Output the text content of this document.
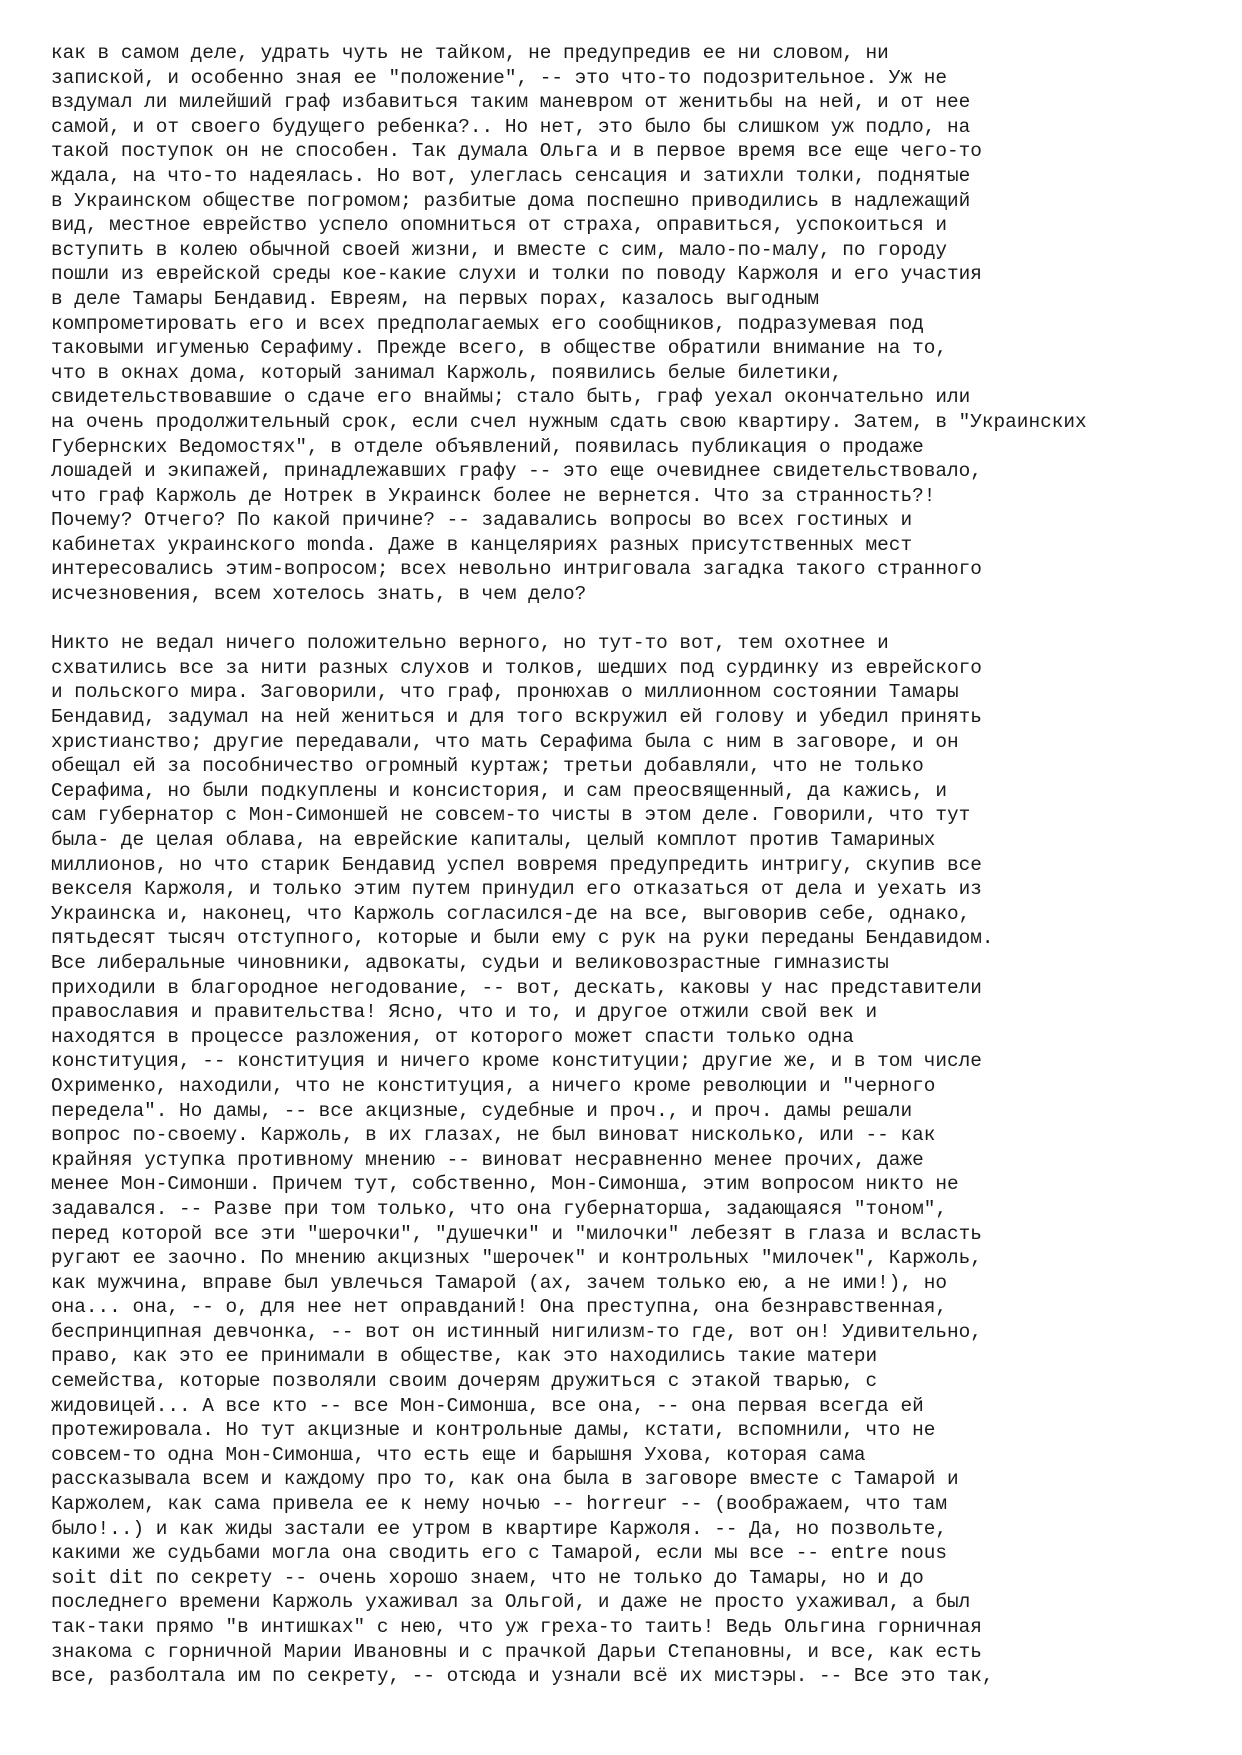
как в самом деле, удрать чуть не тайком, не предупредив ее ни словом, ни
запиской, и особенно зная ее "положение", -- это что-то подозрительное. Уж не
вздумал ли милейший граф избавиться таким маневром от женитьбы на ней, и от нее
самой, и от своего будущего ребенка?.. Но нет, это было бы слишком уж подло, на
такой поступок он не способен. Так думала Ольга и в первое время все еще чего-то
ждала, на что-то надеялась. Но вот, улеглась сенсация и затихли толки, поднятые
в Украинском обществе погромом; разбитые дома поспешно приводились в надлежащий
вид, местное еврейство успело опомниться от страха, оправиться, успокоиться и
вступить в колею обычной своей жизни, и вместе с сим, мало-по-малу, по городу
пошли из еврейской среды кое-какие слухи и толки по поводу Каржоля и его участия
в деле Тамары Бендавид. Евреям, на первых порах, казалось выгодным
компрометировать его и всех предполагаемых его сообщников, подразумевая под
таковыми игуменью Серафиму. Прежде всего, в обществе обратили внимание на то,
что в окнах дома, который занимал Каржоль, появились белые билетики,
свидетельствовавшие о сдаче его внаймы; стало быть, граф уехал окончательно или
на очень продолжительный срок, если счел нужным сдать свою квартиру. Затем, в "Украинских
Губернских Ведомостях", в отделе объявлений, появилась публикация о продаже
лошадей и экипажей, принадлежавших графу -- это еще очевиднее свидетельствовало,
что граф Каржоль де Нотрек в Украинск более не вернется. Что за странность?!
Почему? Отчего? По какой причине? -- задавались вопросы во всех гостиных и
кабинетах украинского monda. Даже в канцеляриях разных присутственных мест
интересовались этим-вопросом; всех невольно интриговала загадка такого странного
исчезновения, всем хотелось знать, в чем дело?
Никто не ведал ничего положительно верного, но тут-то вот, тем охотнее и
схватились все за нити разных слухов и толков, шедших под сурдинку из еврейского
и польского мира. Заговорили, что граф, пронюхав о миллионном состоянии Тамары
Бендавид, задумал на ней жениться и для того вскружил ей голову и убедил принять
христианство; другие передавали, что мать Серафима была с ним в заговоре, и он
обещал ей за пособничество огромный куртаж; третьи добавляли, что не только
Серафима, но были подкуплены и консистория, и сам преосвященный, да кажись, и
сам губернатор с Мон-Симоншей не совсем-то чисты в этом деле. Говорили, что тут
была- де целая облава, на еврейские капиталы, целый комплот против Тамариных
миллионов, но что старик Бендавид успел вовремя предупредить интригу, скупив все
векселя Каржоля, и только этим путем принудил его отказаться от дела и уехать из
Украинска и, наконец, что Каржоль согласился-де на все, выговорив себе, однако,
пятьдесят тысяч отступного, которые и были ему с рук на руки переданы Бендавидом.
Все либеральные чиновники, адвокаты, судьи и великовозрастные гимназисты
приходили в благородное негодование, -- вот, дескать, каковы у нас представители
православия и правительства! Ясно, что и то, и другое отжили свой век и
находятся в процессе разложения, от которого может спасти только одна
конституция, -- конституция и ничего кроме конституции; другие же, и в том числе
Охрименко, находили, что не конституция, а ничего кроме революции и "черного
передела". Но дамы, -- все акцизные, судебные и проч., и проч. дамы решали
вопрос по-своему. Каржоль, в их глазах, не был виноват нисколько, или -- как
крайняя уступка противному мнению -- виноват несравненно менее прочих, даже
менее Мон-Симонши. Причем тут, собственно, Мон-Симонша, этим вопросом никто не
задавался. -- Разве при том только, что она губернаторша, задающаяся "тоном",
перед которой все эти "шерочки", "душечки" и "милочки" лебезят в глаза и всласть
ругают ее заочно. По мнению акцизных "шерочек" и контрольных "милочек", Каржоль,
как мужчина, вправе был увлечься Тамарой (ах, зачем только ею, а не ими!), но
она... она, -- о, для нее нет оправданий! Она преступна, она безнравственная,
беспринципная девчонка, -- вот он истинный нигилизм-то где, вот он! Удивительно,
право, как это ее принимали в обществе, как это находились такие матери
семейства, которые позволяли своим дочерям дружиться с этакой тварью, с
жидовицей... А все кто -- все Мон-Симонша, все она, -- она первая всегда ей
протежировала. Но тут акцизные и контрольные дамы, кстати, вспомнили, что не
совсем-то одна Мон-Симонша, что есть еще и барышня Ухова, которая сама
рассказывала всем и каждому про то, как она была в заговоре вместе с Тамарой и
Каржолем, как сама привела ее к нему ночью -- horreur -- (воображаем, что там
было!..) и как жиды застали ее утром в квартире Каржоля. -- Да, но позвольте,
какими же судьбами могла она сводить его с Тамарой, если мы все -- entre nous
soit dit по секрету -- очень хорошо знаем, что не только до Тамары, но и до
последнего времени Каржоль ухаживал за Ольгой, и даже не просто ухаживал, а был
так-таки прямо "в интишках" с нею, что уж греха-то таить! Ведь Ольгина горничная
знакома с горничной Марии Ивановны и с прачкой Дарьи Степановны, и все, как есть
все, разболтала им по секрету, -- отсюда и узнали всё их мистэры. -- Все это так,
